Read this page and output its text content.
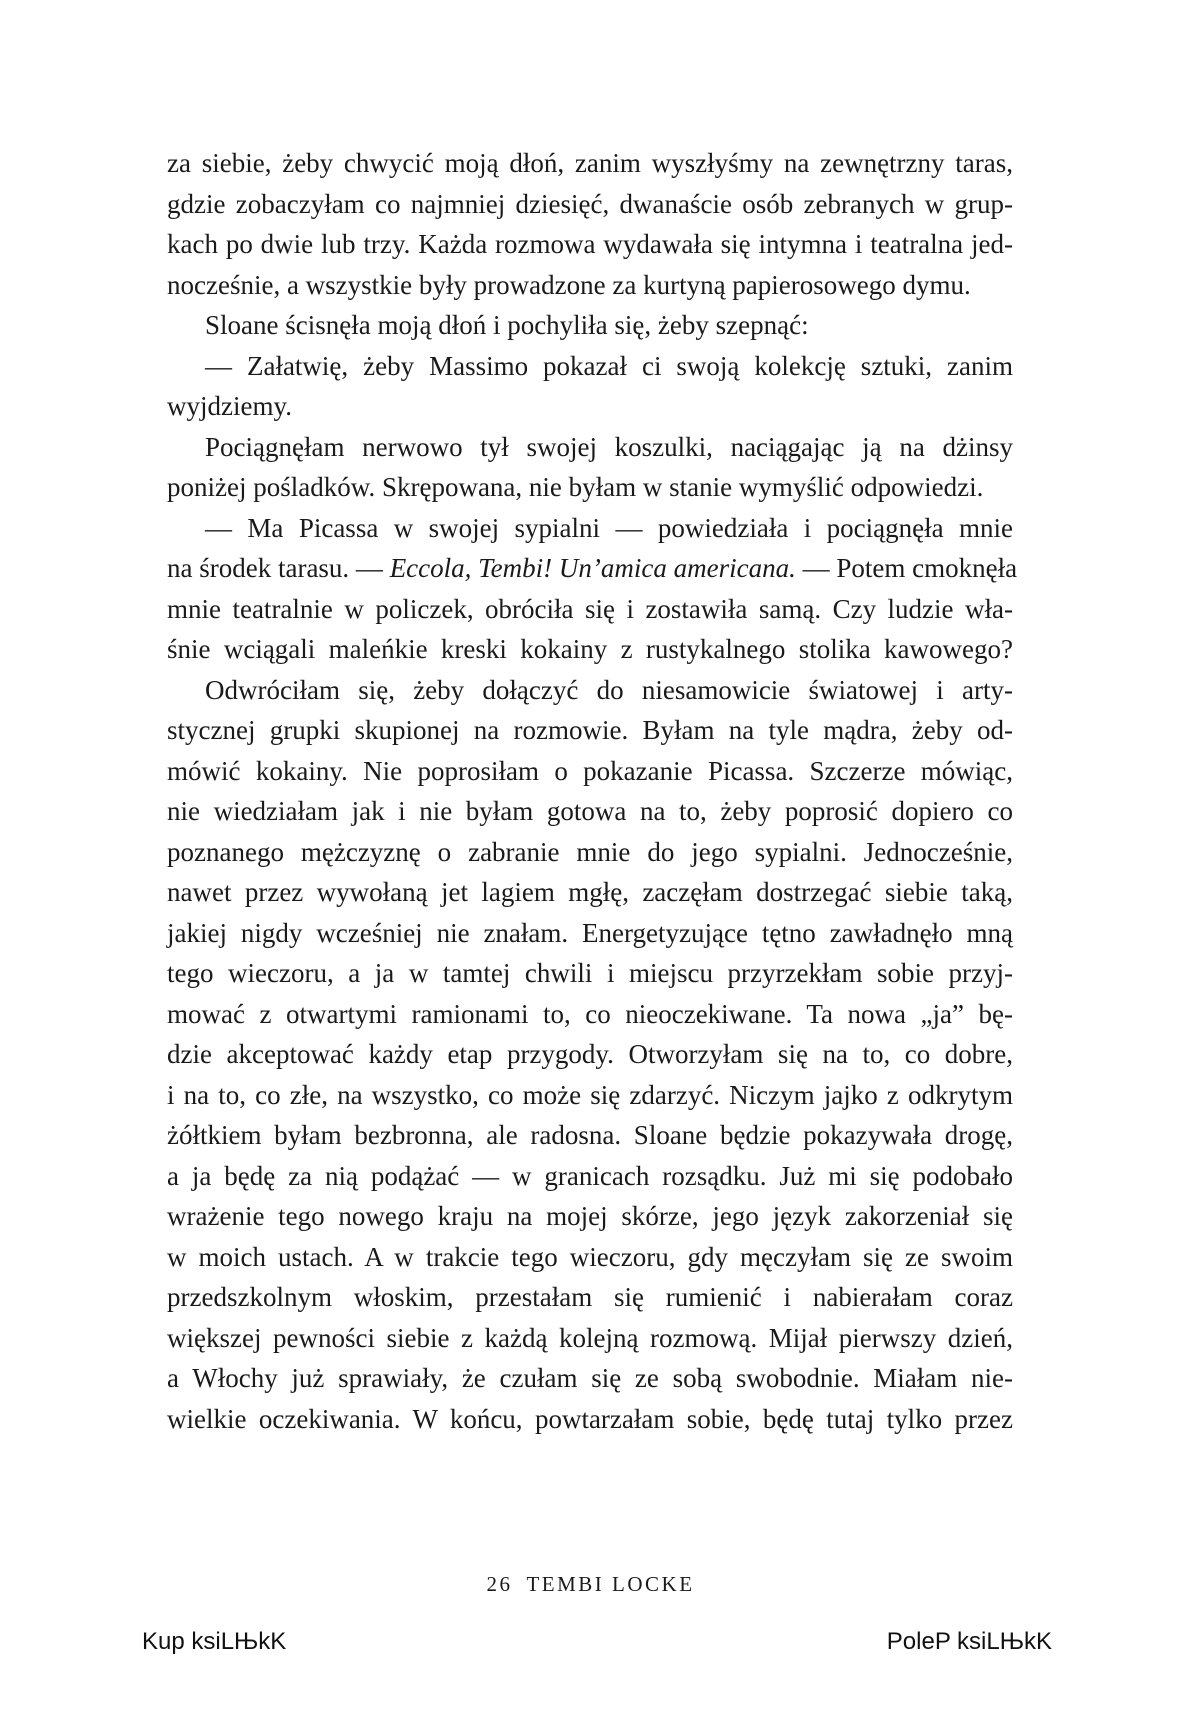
za siebie, żeby chwycić moją dłoń, zanim wyszłyśmy na zewnętrzny taras,
gdzie zobaczyłam co najmniej dziesięć, dwanaście osób zebranych w grup-
kach po dwie lub trzy. Każda rozmowa wydawała się intymna i teatralna jed-
nocześnie, a wszystkie były prowadzone za kurtyną papierosowego dymu.
Sloane ścisnęła moją dłoń i pochyliła się, żeby szepnąć:
— Załatwię, żeby Massimo pokazał ci swoją kolekcję sztuki, zanim
wyjdziemy.
Pociągnęłam nerwowo tył swojej koszulki, naciągając ją na dżinsy
poniżej pośladków. Skrępowana, nie byłam w stanie wymyślić odpowiedzi.
— Ma Picassa w swojej sypialni — powiedziała i pociągnęła mnie
na środek tarasu. — Eccola, Tembi! Un’amica americana. — Potem cmoknęła
mnie teatralnie w policzek, obróciła się i zostawiła samą. Czy ludzie wła-
śnie wciągali maleńkie kreski kokainy z rustykalnego stolika kawowego?
Odwróciłam się, żeby dołączyć do niesamowicie światowej i arty-
stycznej grupki skupionej na rozmowie. Byłam na tyle mądra, żeby od-
mówić kokainy. Nie poprosiłam o pokazanie Picassa. Szczerze mówiąc,
nie wiedziałam jak i nie byłam gotowa na to, żeby poprosić dopiero co
poznanego mężczyznę o zabranie mnie do jego sypialni. Jednocześnie,
nawet przez wywołaną jet lagiem mgłę, zaczęłam dostrzegać siebie taką,
jakiej nigdy wcześniej nie znałam. Energetyzujące tętno zawładnęło mną
tego wieczoru, a ja w tamtej chwili i miejscu przyrzekłam sobie przyj-
mować z otwartymi ramionami to, co nieoczekiwane. Ta nowa „ja” bę-
dzie akceptować każdy etap przygody. Otworzyłam się na to, co dobre,
i na to, co złe, na wszystko, co może się zdarzyć. Niczym jajko z odkrytym
żółtkiem byłam bezbronna, ale radosna. Sloane będzie pokazywała drogę,
a ja będę za nią podążać — w granicach rozsądku. Już mi się podobało
wrażenie tego nowego kraju na mojej skórze, jego język zakorzeniał się
w moich ustach. A w trakcie tego wieczoru, gdy męczyłam się ze swoim
przedszkolnym włoskim, przestałam się rumienić i nabierałam coraz
większej pewności siebie z każdą kolejną rozmową. Mijał pierwszy dzień,
a Włochy już sprawiały, że czułam się ze sobą swobodnie. Miałam nie-
wielkie oczekiwania. W końcu, powtarzałam sobie, będę tutaj tylko przez
26 TEMBI LOCKE
Kup ksiLЊkK	PoleP ksiLЊkK
